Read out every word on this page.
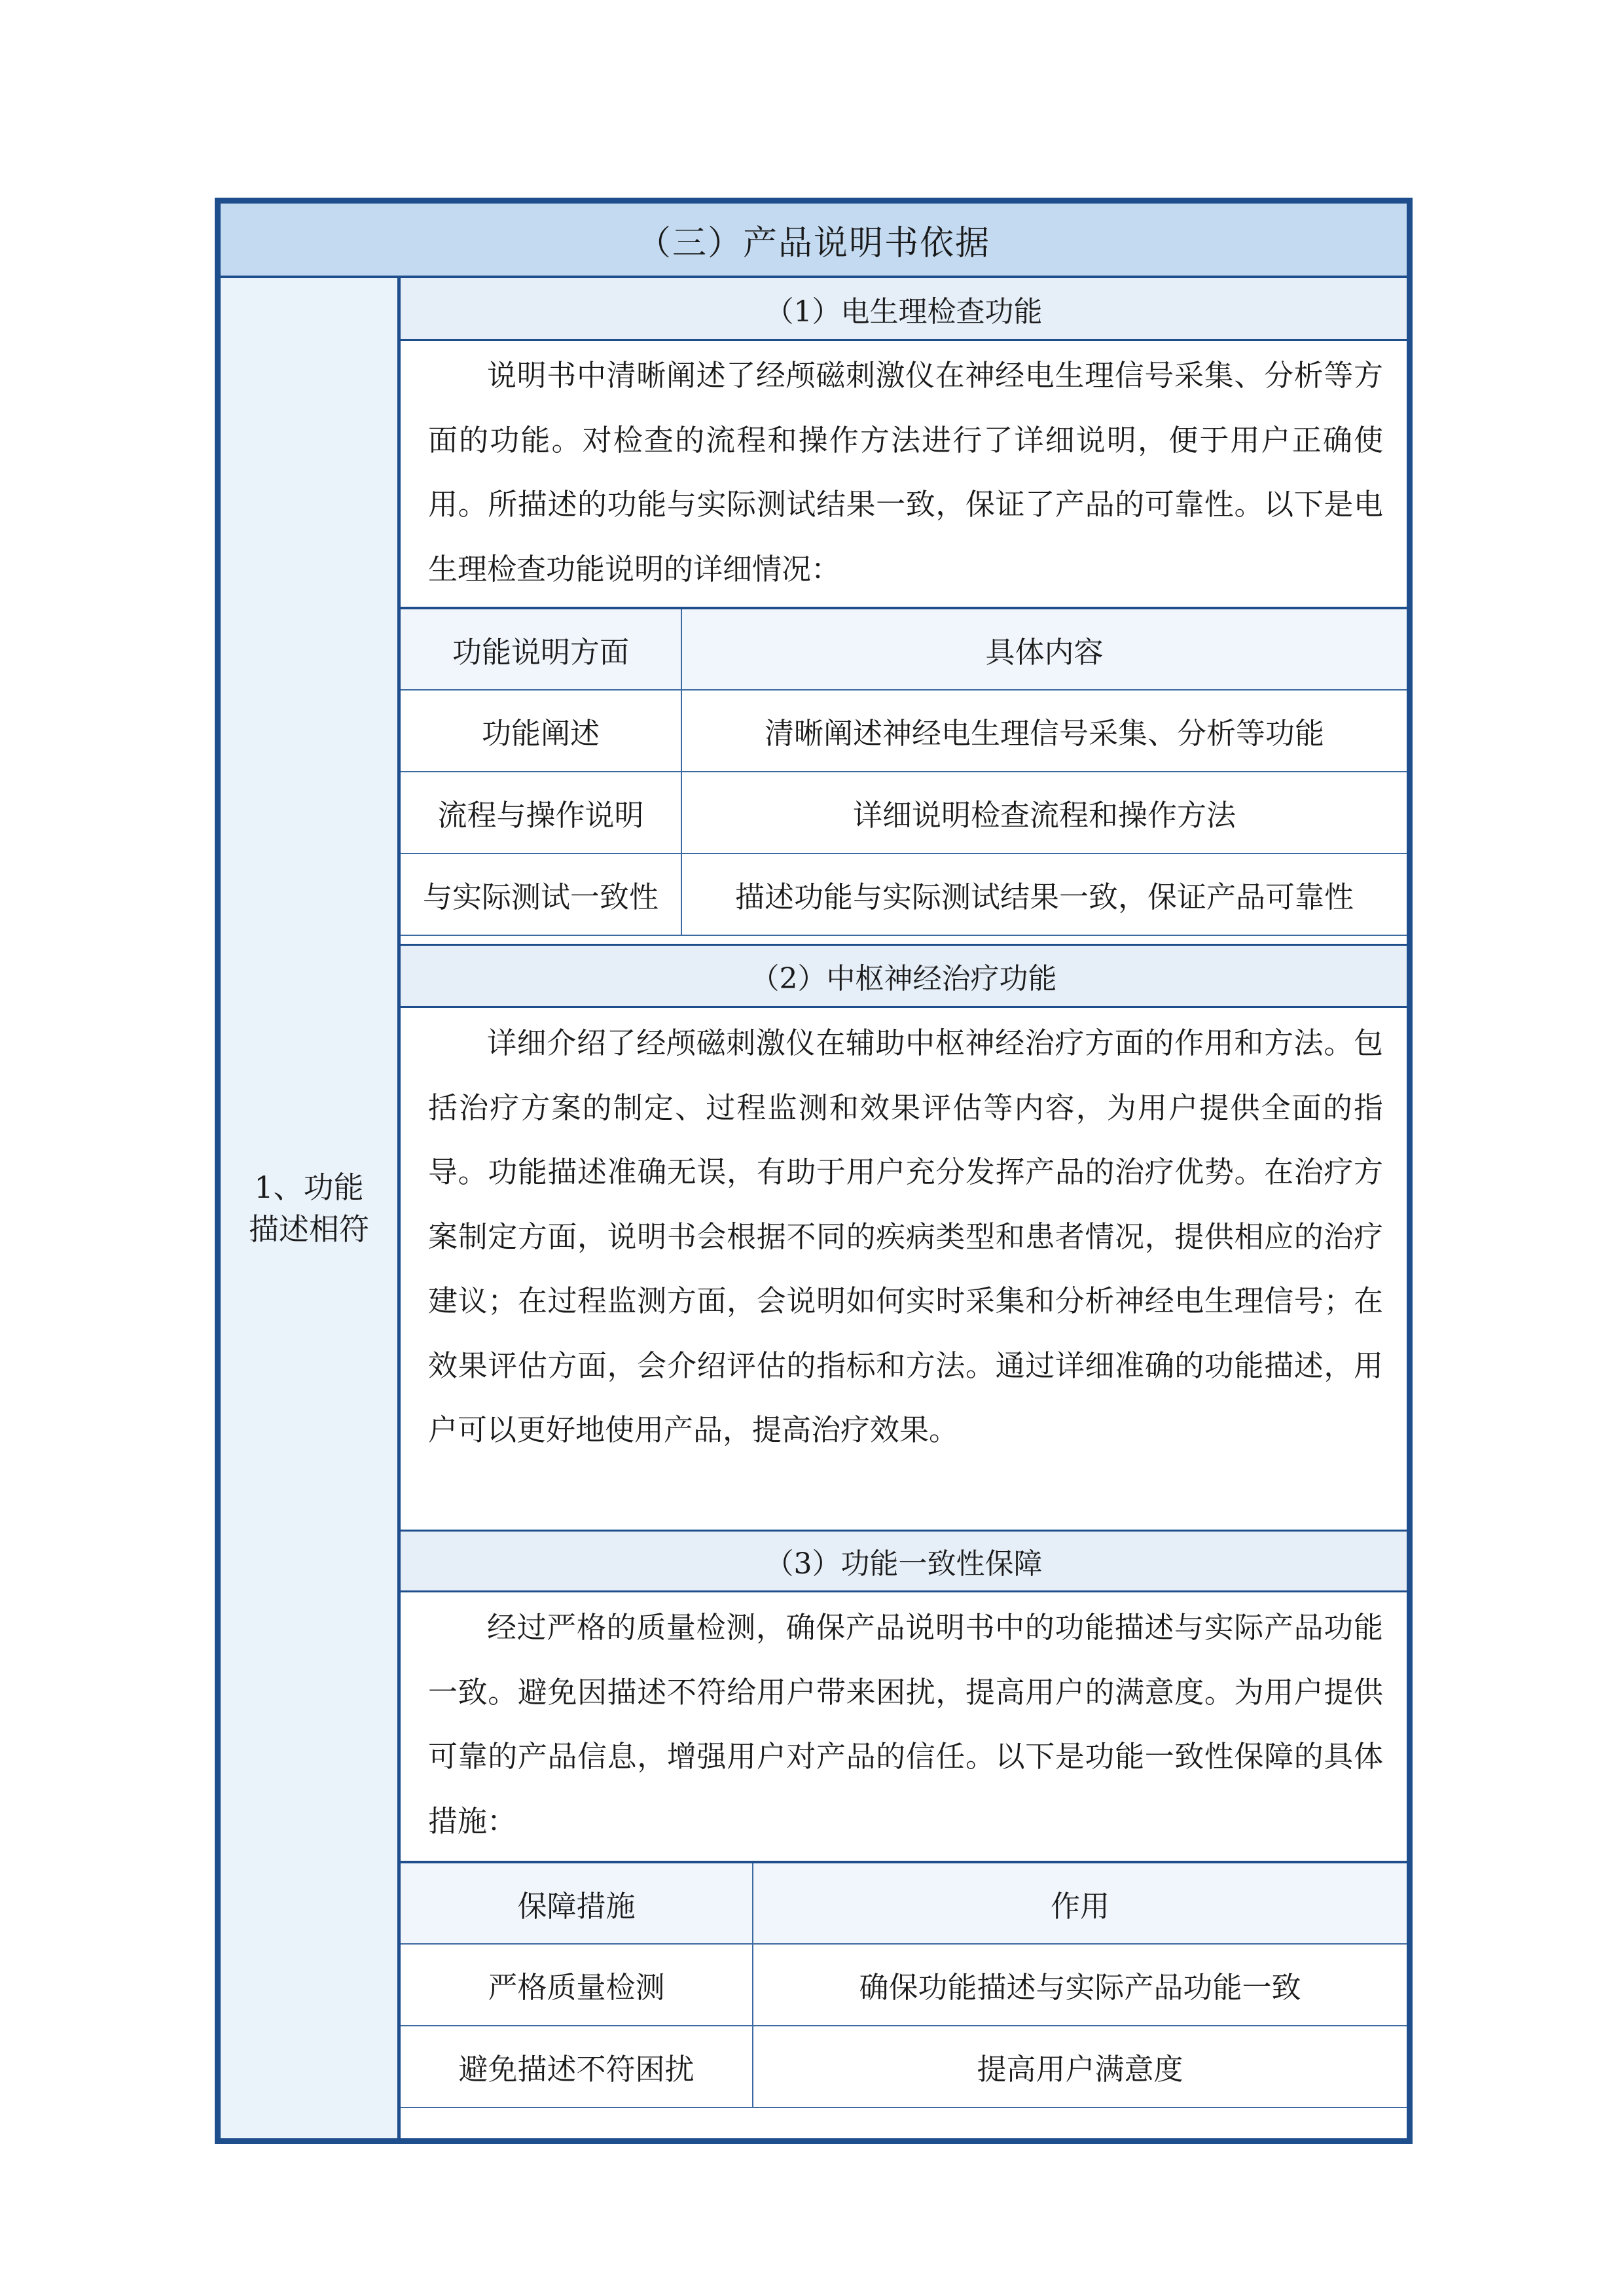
（三）产品说明书依据
1、功能描述相符
（1）电生理检查功能
说明书中清晰阐述了经颅磁刺激仪在神经电生理信号采集、分析等方面的功能。对检查的流程和操作方法进行了详细说明，便于用户正确使用。所描述的功能与实际测试结果一致，保证了产品的可靠性。以下是电生理检查功能说明的详细情况：
功能说明方面	具体内容
功能阐述	清晰阐述神经电生理信号采集、分析等功能
流程与操作说明	详细说明检查流程和操作方法
与实际测试一致性	描述功能与实际测试结果一致，保证产品可靠性
（2）中枢神经治疗功能
详细介绍了经颅磁刺激仪在辅助中枢神经治疗方面的作用和方法。包括治疗方案的制定、过程监测和效果评估等内容，为用户提供全面的指导。功能描述准确无误，有助于用户充分发挥产品的治疗优势。在治疗方案制定方面，说明书会根据不同的疾病类型和患者情况，提供相应的治疗建议；在过程监测方面，会说明如何实时采集和分析神经电生理信号；在效果评估方面，会介绍评估的指标和方法。通过详细准确的功能描述，用户可以更好地使用产品，提高治疗效果。
（3）功能一致性保障
经过严格的质量检测，确保产品说明书中的功能描述与实际产品功能一致。避免因描述不符给用户带来困扰，提高用户的满意度。为用户提供可靠的产品信息，增强用户对产品的信任。以下是功能一致性保障的具体措施：
保障措施	作用
严格质量检测	确保功能描述与实际产品功能一致
避免描述不符困扰	提高用户满意度
